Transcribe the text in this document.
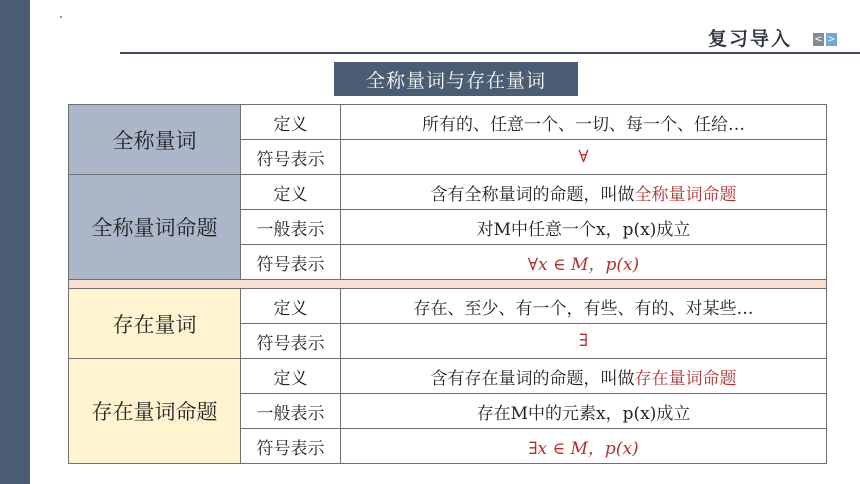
复习导入 < >
全称量词与存在量词
全称量词	定义	所有的、任意一个、一切、每一个、任给…
	符号表示	∀
全称量词命题	定义	含有全称量词的命题，叫做全称量词命题
	一般表示	对M中任意一个x，p(x)成立
	符号表示	∀x ∈ M，p(x)

存在量词	定义	存在、至少、有一个，有些、有的、对某些…
	符号表示	∃
存在量词命题	定义	含有存在量词的命题，叫做存在量词命题
	一般表示	存在M中的元素x，p(x)成立
	符号表示	∃x ∈ M，p(x)
